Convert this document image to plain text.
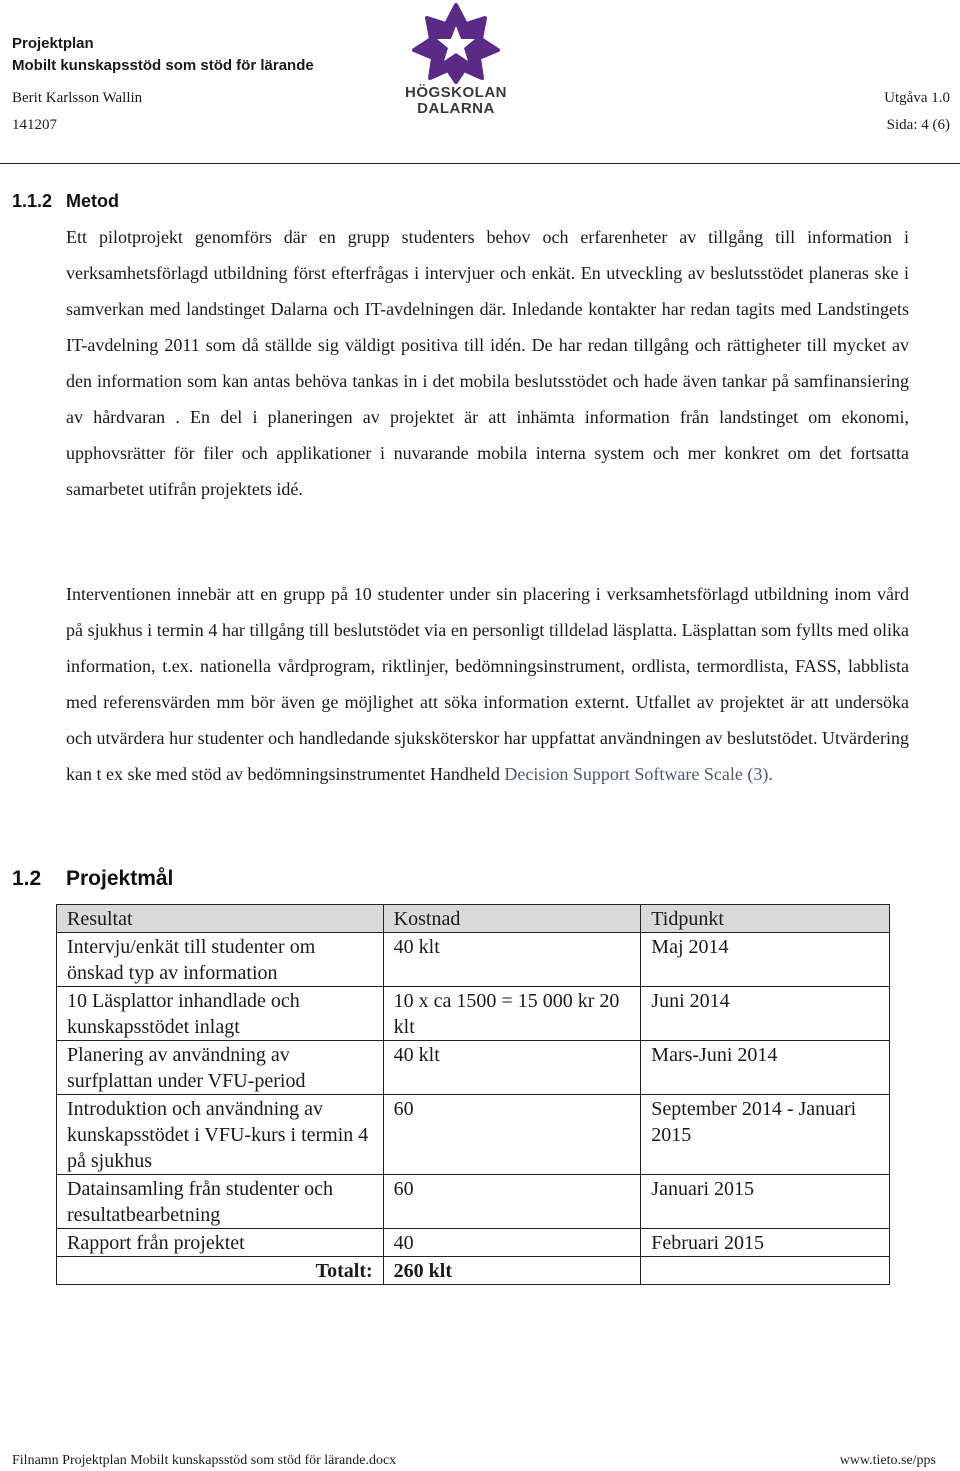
Projektplan
Mobilt kunskapsstöd som stöd för lärande
Berit Karlsson Wallin
141207
Utgåva 1.0
Sida: 4 (6)
HÖGSKOLAN
DALARNA
1.1.2 Metod

Ett pilotprojekt genomförs där en grupp studenters behov och erfarenheter av tillgång till information i verksamhetsförlagd utbildning först efterfrågas i intervjuer och enkät. En utveckling av beslutsstödet planeras ske i samverkan med landstinget Dalarna och IT-avdelningen där. Inledande kontakter har redan tagits med Landstingets IT-avdelning 2011 som då ställde sig väldigt positiva till idén. De har redan tillgång och rättigheter till mycket av den information som kan antas behöva tankas in i det mobila beslutsstödet och hade även tankar på samfinansiering av hårdvaran . En del i planeringen av projektet är att inhämta information från landstinget om ekonomi, upphovsrätter för filer och applikationer i nuvarande mobila interna system och mer konkret om det fortsatta samarbetet utifrån projektets idé.

Interventionen innebär att en grupp på 10 studenter under sin placering i verksamhetsförlagd utbildning inom vård på sjukhus i termin 4 har tillgång till beslutstödet via en personligt tilldelad läsplatta. Läsplattan som fyllts med olika information, t.ex. nationella vårdprogram, riktlinjer, bedömningsinstrument, ordlista, termordlista, FASS, labblista med referensvärden mm bör även ge möjlighet att söka information externt. Utfallet av projektet är att undersöka och utvärdera hur studenter och handledande sjuksköterskor har uppfattat användningen av beslutstödet. Utvärdering kan t ex ske med stöd av bedömningsinstrumentet Handheld Decision Support Software Scale (3).

1.2 Projektmål
Resultat	Kostnad	Tidpunkt
Intervju/enkät till studenter om önskad typ av information	40 klt	Maj 2014
10 Läsplattor inhandlade och kunskapsstödet inlagt	10 x ca 1500 = 15 000 kr 20 klt	Juni 2014
Planering av användning av surfplattan under VFU-period	40 klt	Mars-Juni 2014
Introduktion och användning av kunskapsstödet i VFU-kurs i termin 4 på sjukhus	60	September 2014 - Januari 2015
Datainsamling från studenter och resultatbearbetning	60	Januari 2015
Rapport från projektet	40	Februari 2015
Totalt:	260 klt	
Filnamn Projektplan Mobilt kunskapsstöd som stöd för lärande.docx	www.tieto.se/pps
